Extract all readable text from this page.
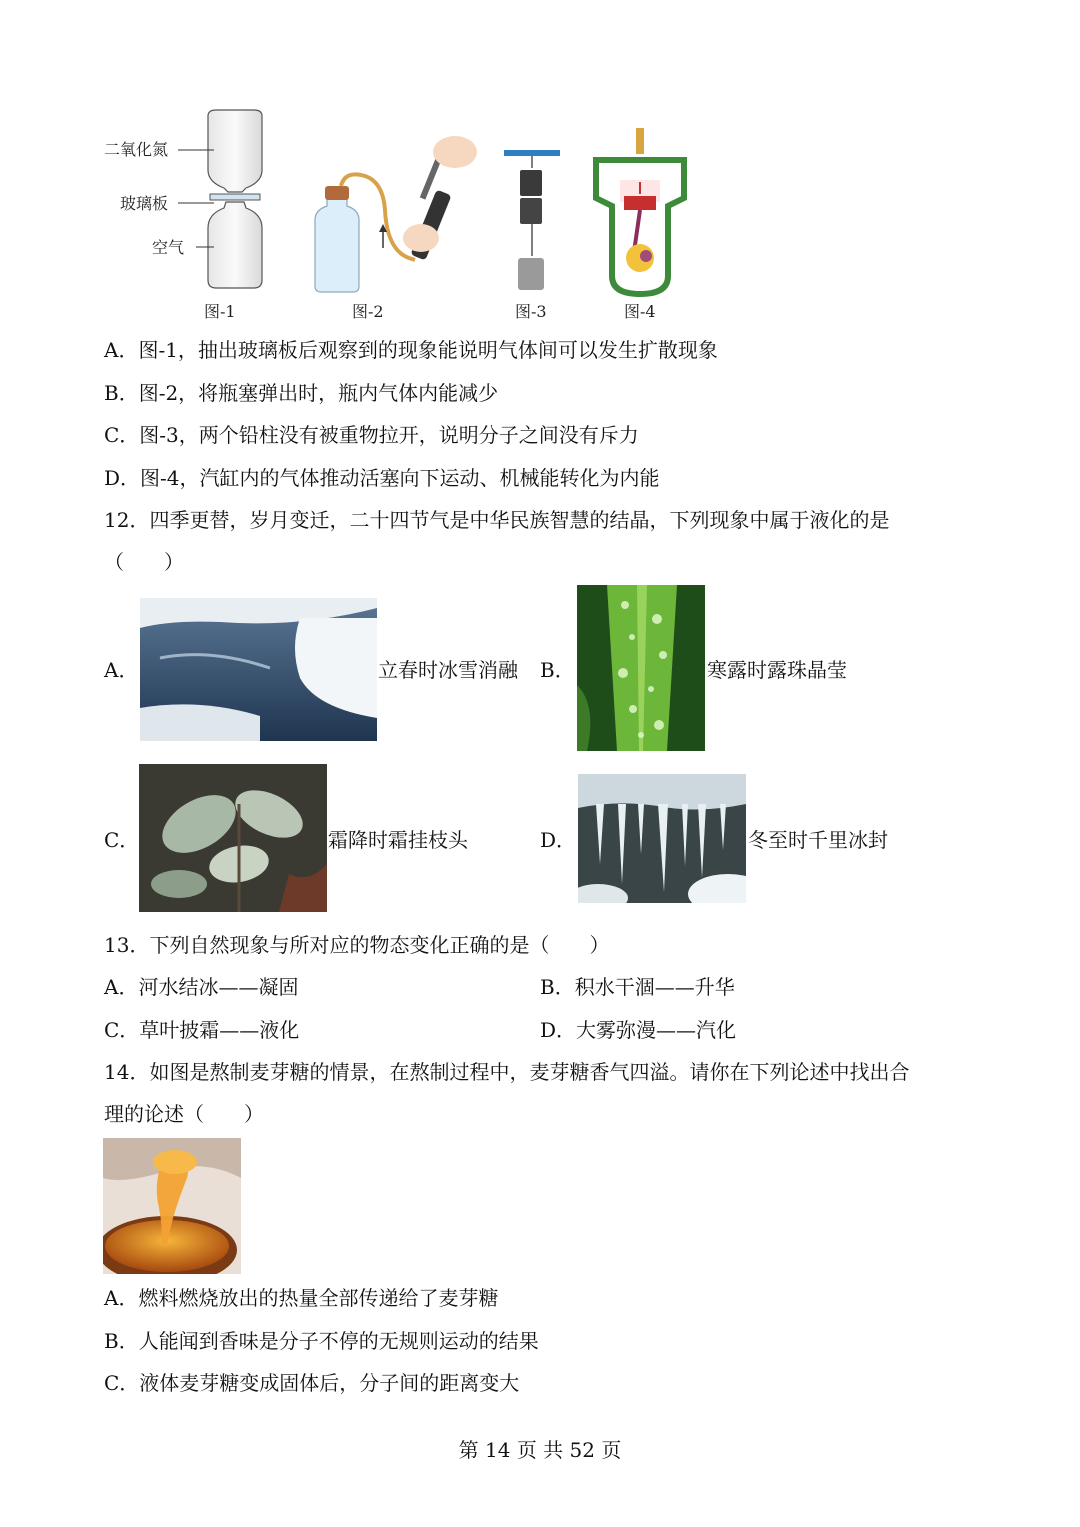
二氧化氮
玻璃板
空气
图-1	图-2	图-3	图-4
A．图-1，抽出玻璃板后观察到的现象能说明气体间可以发生扩散现象
B．图-2，将瓶塞弹出时，瓶内气体内能减少
C．图-3，两个铅柱没有被重物拉开，说明分子之间没有斥力
D．图-4，汽缸内的气体推动活塞向下运动、机械能转化为内能
12．四季更替，岁月变迁，二十四节气是中华民族智慧的结晶，下列现象中属于液化的是
（　　）
A．	立春时冰雪消融 B．	寒露时露珠晶莹
C．	霜降时霜挂枝头	D．	冬至时千里冰封
13．下列自然现象与所对应的物态变化正确的是（　　）
A．河水结冰——凝固	B．积水干涸——升华
C．草叶披霜——液化	D．大雾弥漫——汽化
14．如图是熬制麦芽糖的情景，在熬制过程中，麦芽糖香气四溢。请你在下列论述中找出合
理的论述（　　）
A．燃料燃烧放出的热量全部传递给了麦芽糖
B．人能闻到香味是分子不停的无规则运动的结果
C．液体麦芽糖变成固体后，分子间的距离变大
第 14 页 共 52 页
